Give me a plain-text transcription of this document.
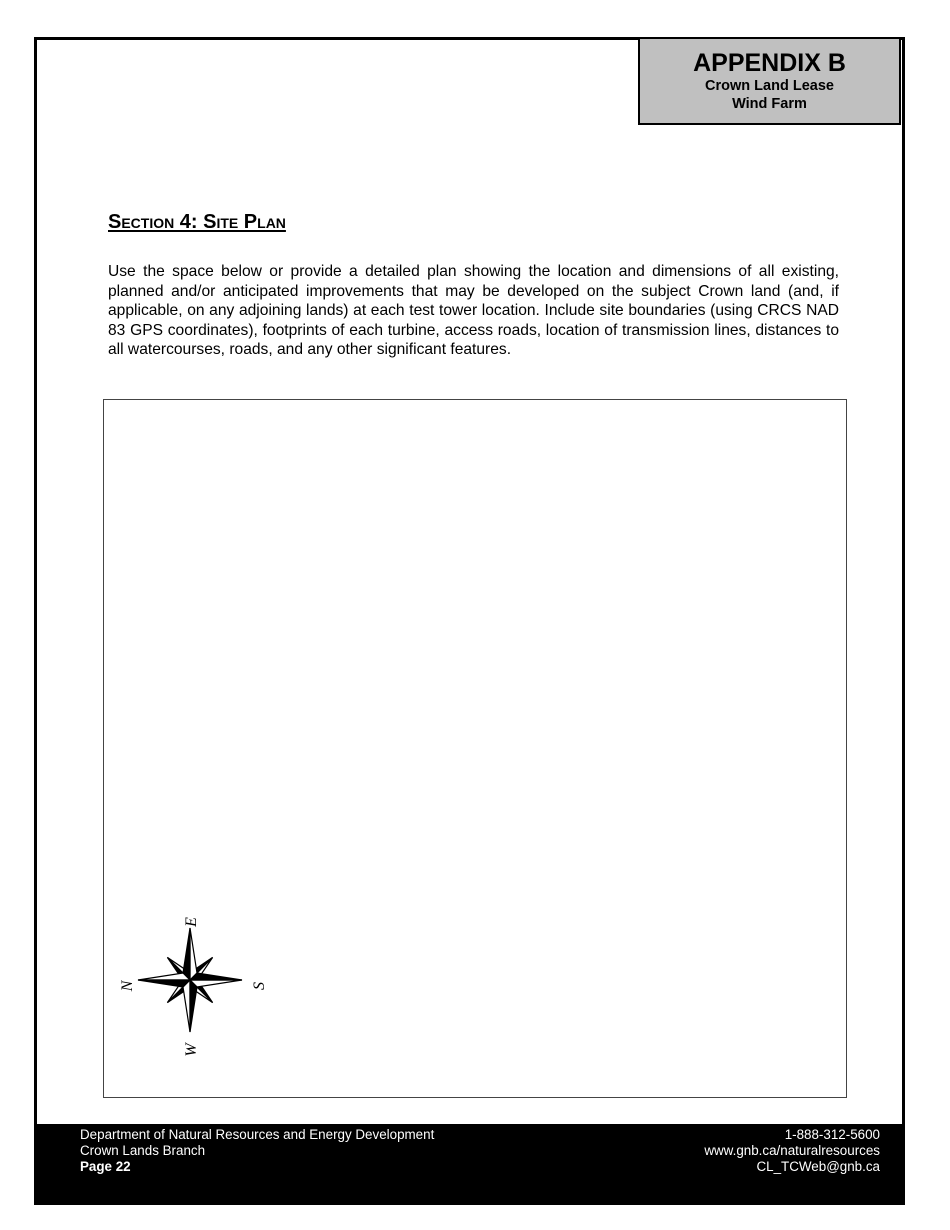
APPENDIX B
Crown Land Lease
Wind Farm
Section 4: Site Plan

Use the space below or provide a detailed plan showing the location and dimensions of all existing, planned and/or anticipated improvements that may be developed on the subject Crown land (and, if applicable, on any adjoining lands) at each test tower location. Include site boundaries (using CRCS NAD 83 GPS coordinates), footprints of each turbine, access roads, location of transmission lines, distances to all watercourses, roads, and any other significant features.

E
W
N	S
Department of Natural Resources and Energy Development
Crown Lands Branch
Page 22
1-888-312-5600
www.gnb.ca/naturalresources
CL_TCWeb@gnb.ca
